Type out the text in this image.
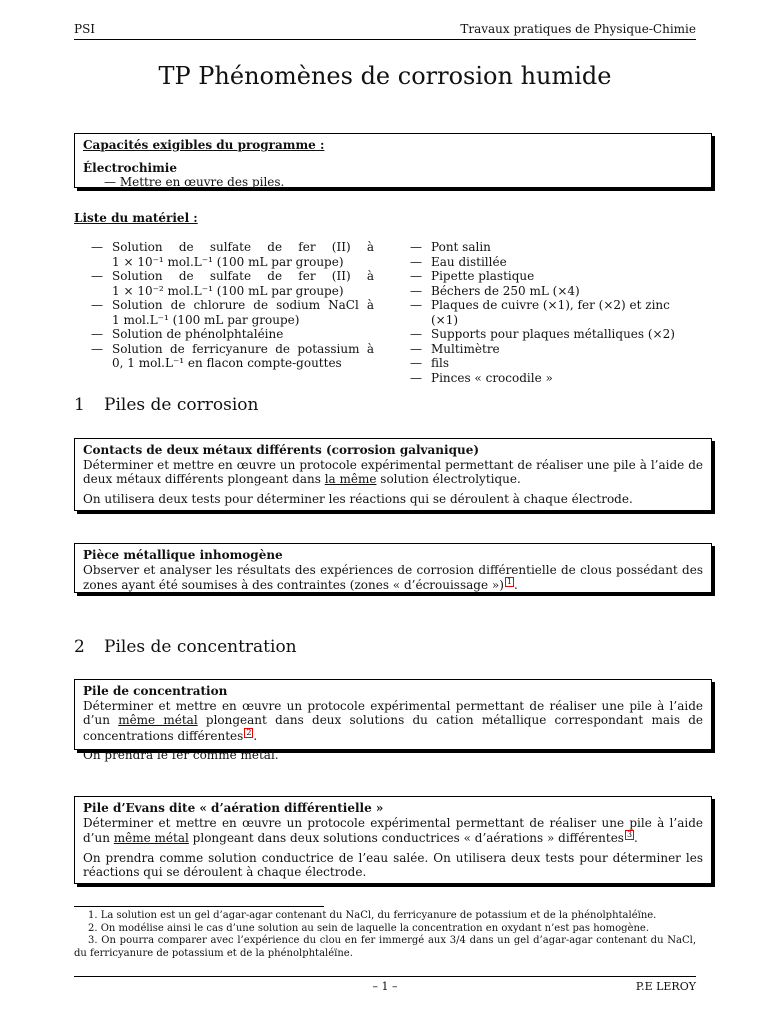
PSI	Travaux pratiques de Physique-Chimie
TP Phénomènes de corrosion humide
Capacités exigibles du programme :
Électrochimie
— Mettre en œuvre des piles.
Liste du matériel :
— Solution de sulfate de fer (II) à
1 × 10⁻¹ mol.L⁻¹ (100 mL par groupe)
— Solution de sulfate de fer (II) à
1 × 10⁻² mol.L⁻¹ (100 mL par groupe)
— Solution de chlorure de sodium NaCl à
1 mol.L⁻¹ (100 mL par groupe)
— Solution de phénolphtaléine
— Solution de ferricyanure de potassium à
0, 1 mol.L⁻¹ en flacon compte-gouttes
— Pont salin
— Eau distillée
— Pipette plastique
— Béchers de 250 mL (×4)
— Plaques de cuivre (×1), fer (×2) et zinc (×1)
— Supports pour plaques métalliques (×2)
— Multimètre
— fils
— Pinces « crocodile »
1 Piles de corrosion
Contacts de deux métaux différents (corrosion galvanique)

Déterminer et mettre en œuvre un protocole expérimental permettant de réaliser une pile à l’aide de deux métaux différents plongeant dans la même solution électrolytique.

On utilisera deux tests pour déterminer les réactions qui se déroulent à chaque électrode.

Pièce métallique inhomogène

Observer et analyser les résultats des expériences de corrosion différentielle de clous possédant des zones ayant été soumises à des contraintes (zones « d’écrouissage ») 1 .

2 Piles de concentration
Pile de concentration

Déterminer et mettre en œuvre un protocole expérimental permettant de réaliser une pile à l’aide d’un même métal plongeant dans deux solutions du cation métallique correspondant mais de concentrations différentes 2 .

On prendra le fer comme métal.

Pile d’Evans dite « d’aération différentielle »

Déterminer et mettre en œuvre un protocole expérimental permettant de réaliser une pile à l’aide d’un même métal plongeant dans deux solutions conductrices « d’aérations » différentes 3 .

On prendra comme solution conductrice de l’eau salée. On utilisera deux tests pour déterminer les réactions qui se déroulent à chaque électrode.

1. La solution est un gel d’agar-agar contenant du NaCl, du ferricyanure de potassium et de la phénolphtaléïne.
2. On modélise ainsi le cas d’une solution au sein de laquelle la concentration en oxydant n’est pas homogène.
3. On pourra comparer avec l’expérience du clou en fer immergé aux 3/4 dans un gel d’agar-agar contenant du NaCl, du ferricyanure de potassium et de la phénolphtaléïne.
– 1 –	P.E LEROY
